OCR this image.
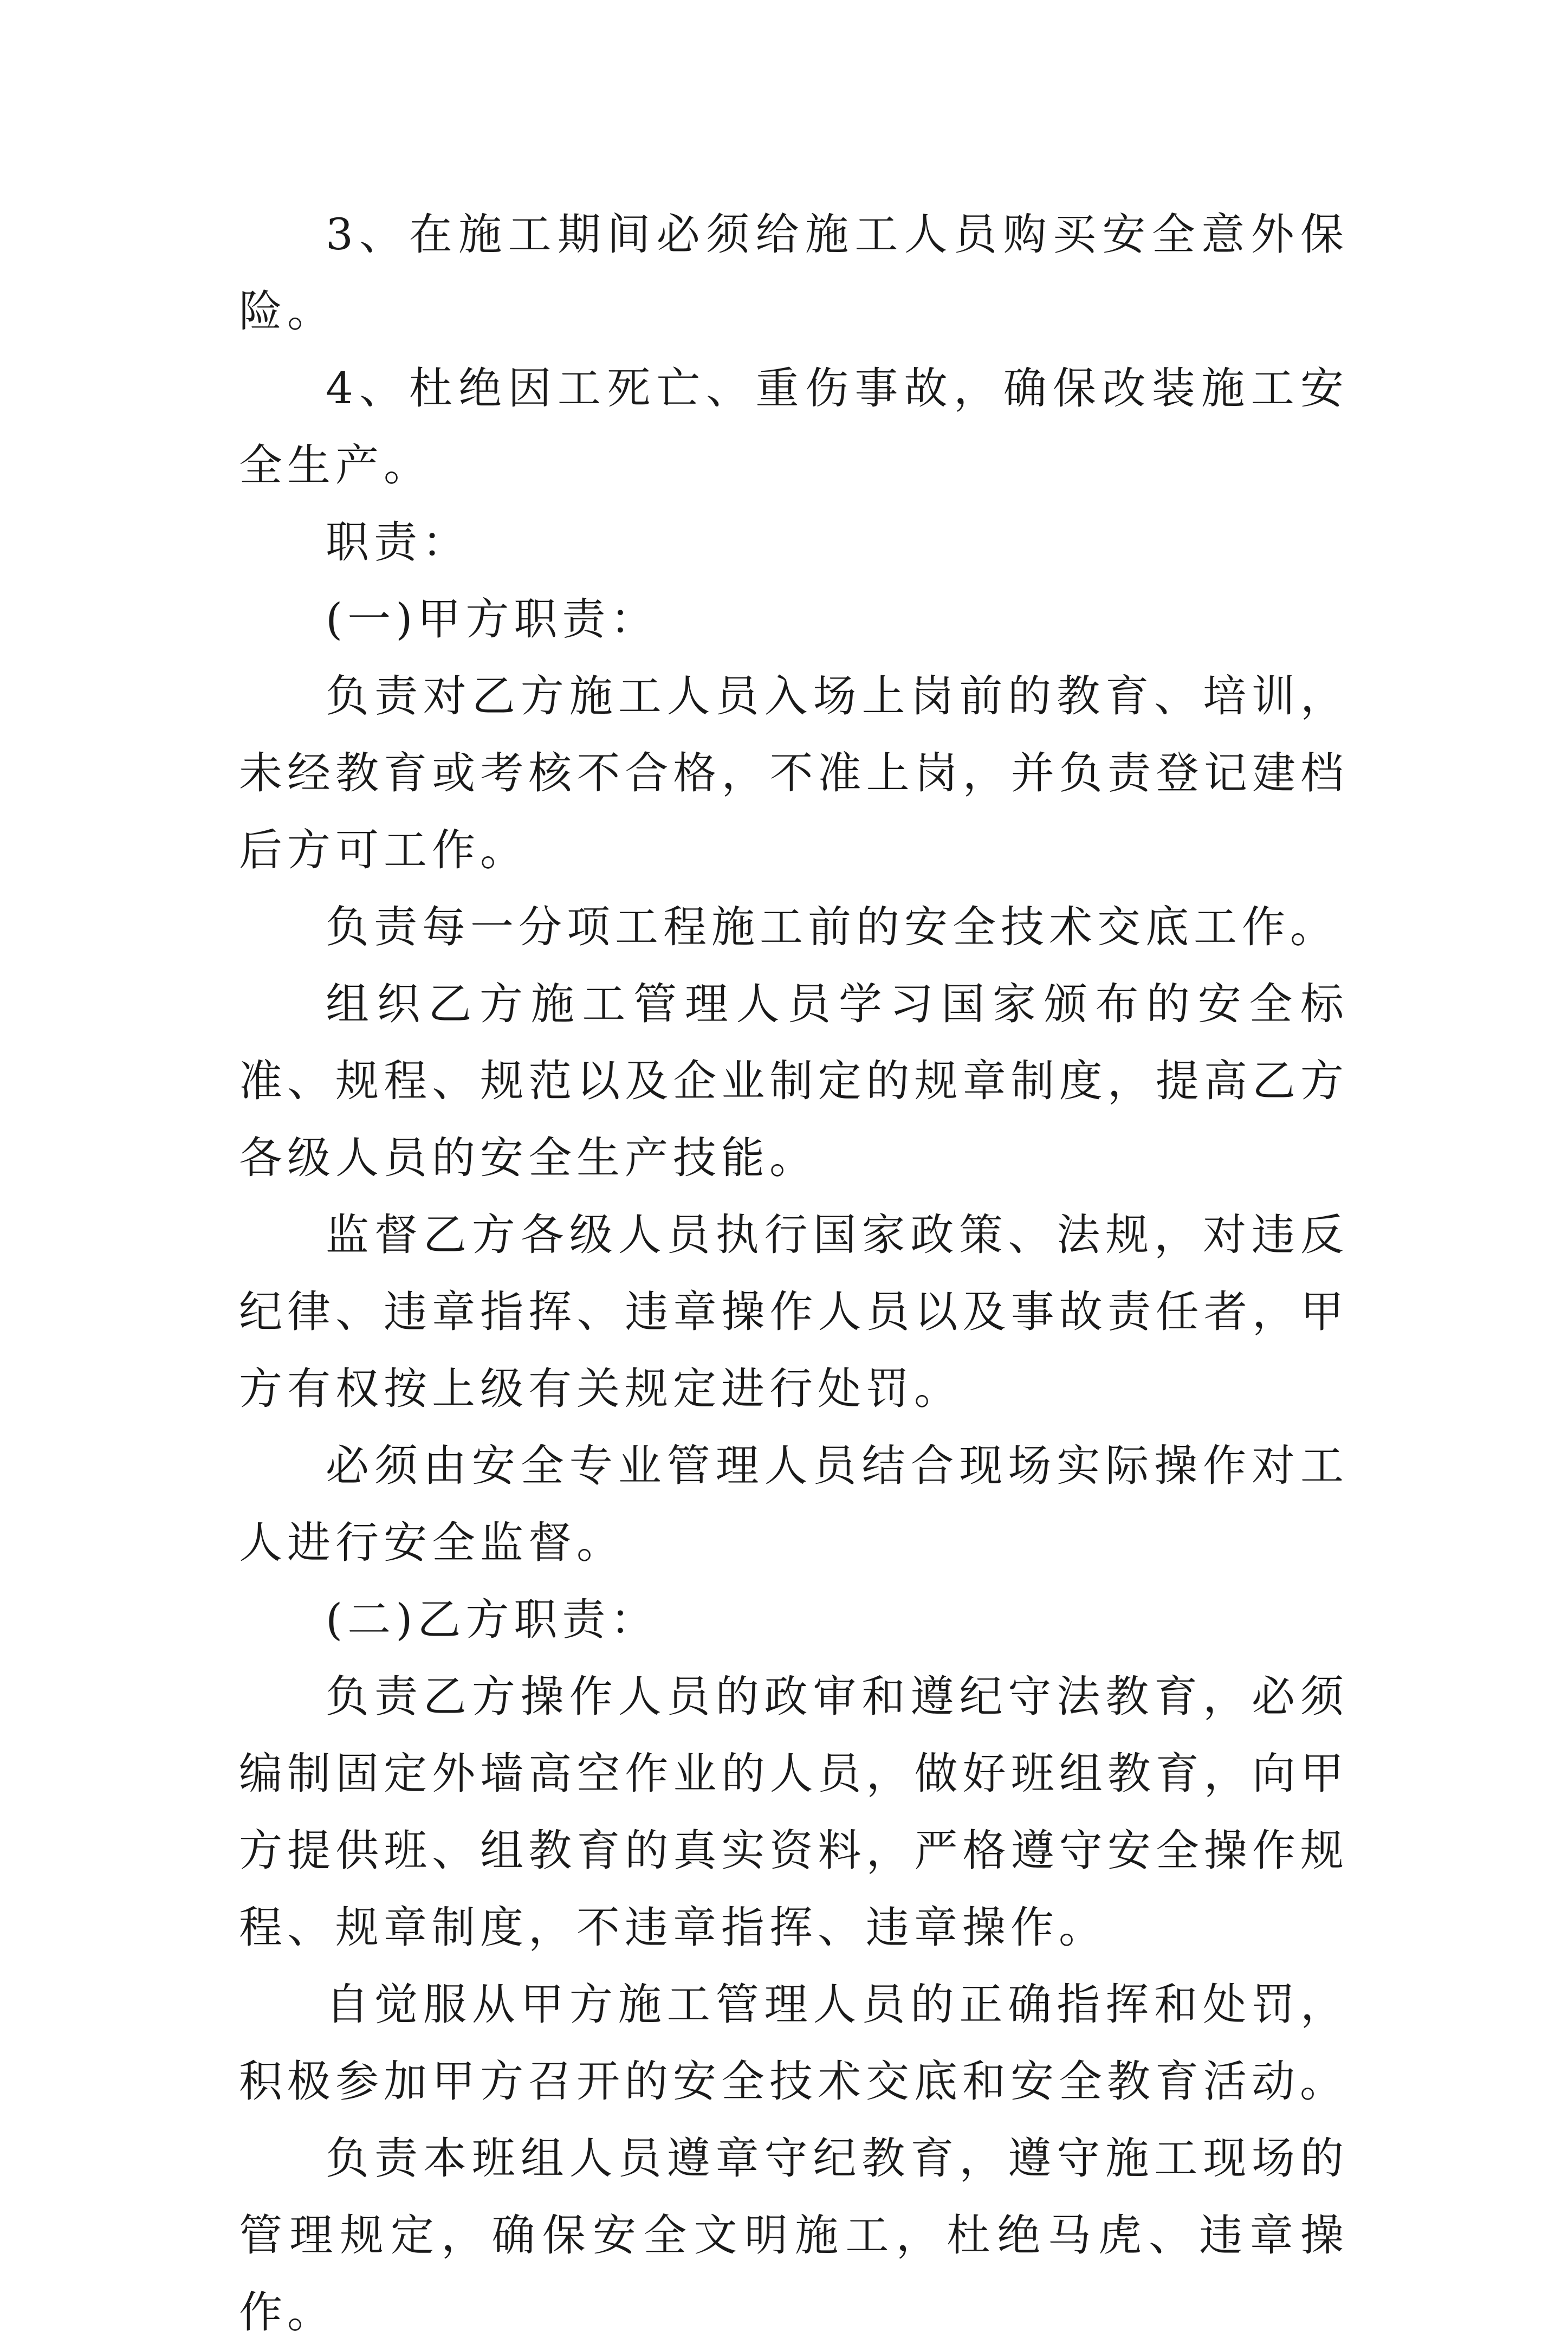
3、在施工期间必须给施工人员购买安全意外保险。

4、杜绝因工死亡、重伤事故，确保改装施工安全生产。

职责：

(一)甲方职责：

负责对乙方施工人员入场上岗前的教育、培训，未经教育或考核不合格，不准上岗，并负责登记建档后方可工作。

负责每一分项工程施工前的安全技术交底工作。

组织乙方施工管理人员学习国家颁布的安全标准、规程、规范以及企业制定的规章制度，提高乙方各级人员的安全生产技能。

监督乙方各级人员执行国家政策、法规，对违反纪律、违章指挥、违章操作人员以及事故责任者，甲方有权按上级有关规定进行处罚。

必须由安全专业管理人员结合现场实际操作对工人进行安全监督。

(二)乙方职责：

负责乙方操作人员的政审和遵纪守法教育，必须编制固定外墙高空作业的人员，做好班组教育，向甲方提供班、组教育的真实资料，严格遵守安全操作规程、规章制度，不违章指挥、违章操作。

自觉服从甲方施工管理人员的正确指挥和处罚，积极参加甲方召开的安全技术交底和安全教育活动。

负责本班组人员遵章守纪教育，遵守施工现场的管理规定，确保安全文明施工，杜绝马虎、违章操作。
